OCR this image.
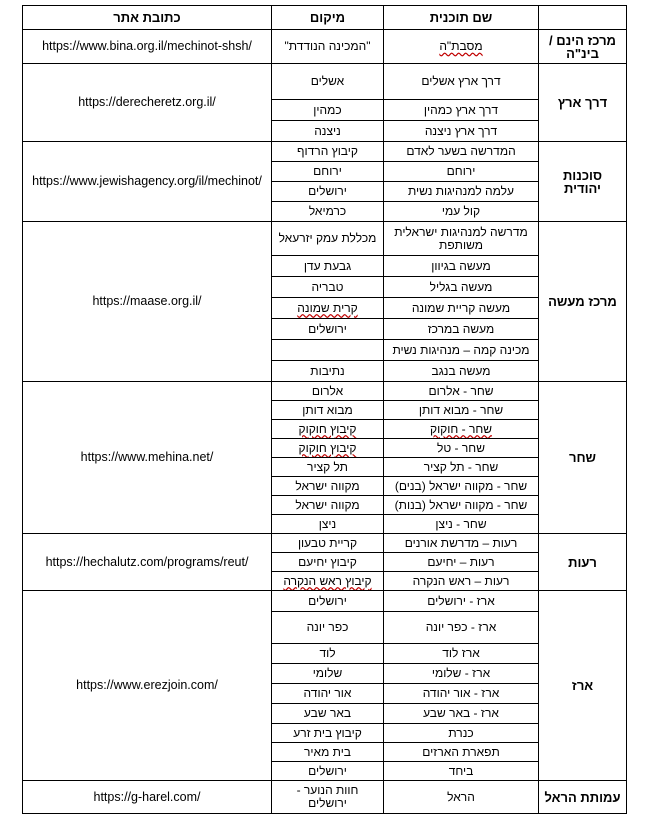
	שם תוכנית	מיקום	כתובת אתר
מרכז הינם / בינ"ה	מסבת"ה	"המכינה הנודדת"	https://www.bina.org.il/mechinot-shsh/
דרך ארץ	דרך ארץ אשלים	אשלים	https://derecheretz.org.il/
	דרך ארץ כמהין	כמהין	
	דרך ארץ ניצנה	ניצנה	
סוכנות יהודית	המדרשה בשער לאדם	קיבוץ הרדוף	https://www.jewishagency.org/il/mechinot/
	ירוחם	ירוחם	
	עלמה למנהיגות נשית	ירושלים	
	קול עמי	כרמיאל	
מרכז מעשה	מדרשה למנהיגות ישראלית משותפת	מכללת עמק יזרעאל	https://maase.org.il/
	מעשה בגיוון	גבעת עדן	
	מעשה בגליל	טבריה	
	מעשה קריית שמונה	קרית שמונה	
	מעשה במרכז	ירושלים	
	מכינה קמה – מנהיגות נשית		
	מעשה בנגב	נתיבות	
שחר	שחר - אלרום	אלרום	https://www.mehina.net/
	שחר - מבוא דותן	מבוא דותן	
	שחר - חוקוק	קיבוץ חוקוק	
	שחר - טל	קיבוץ חוקוק	
	שחר - תל קציר	תל קציר	
	שחר - מקווה ישראל (בנים)	מקווה ישראל	
	שחר - מקווה ישראל (בנות)	מקווה ישראל	
	שחר - ניצן	ניצן	
רעות	רעות – מדרשת אורנים	קריית טבעון	https://hechalutz.com/programs/reut/
	רעות – יחיעם	קיבוץ יחיעם	
	רעות – ראש הנקרה	קיבוץ ראש הנקרה	
ארז	ארז - ירושלים	ירושלים	https://www.erezjoin.com/
	ארז - כפר יונה	כפר יונה	
	ארז לוד	לוד	
	ארז - שלומי	שלומי	
	ארז - אור יהודה	אור יהודה	
	ארז - באר שבע	באר שבע	
	כנרת	קיבוץ בית זרע	
	תפארת הארזים	בית מאיר	
	ביחד	ירושלים	
עמותת הראל	הראל	חוות הנוער - ירושלים	https://g-harel.com/
